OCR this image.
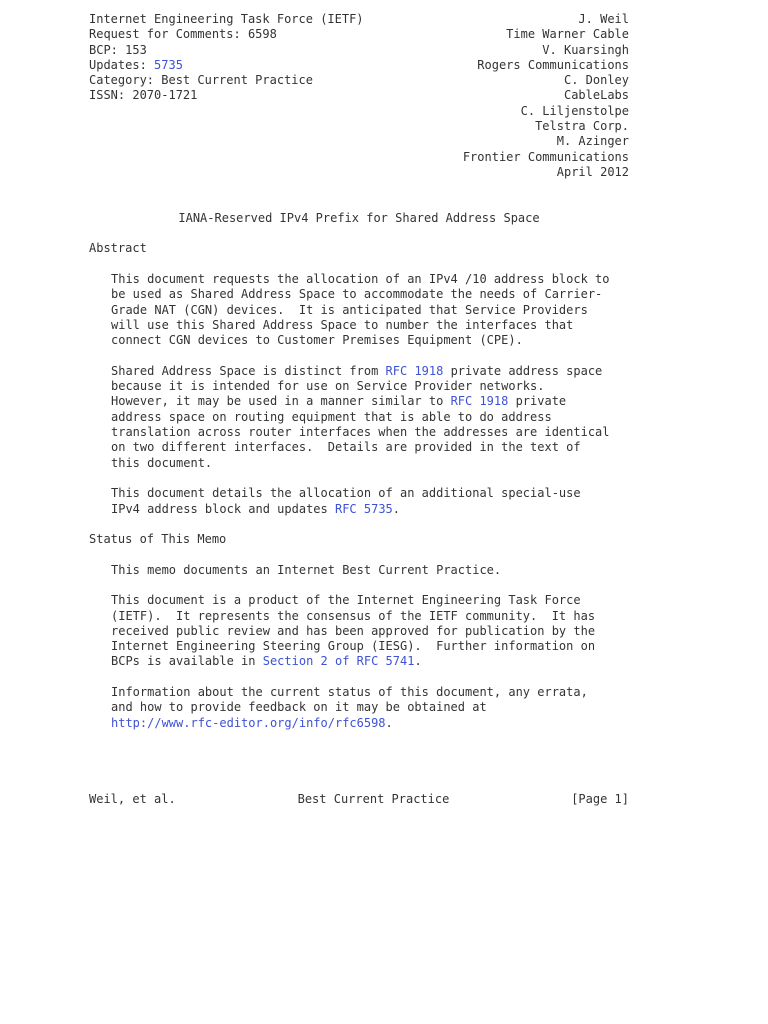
Internet Engineering Task Force (IETF)	J. Weil
Request for Comments: 6598	Time Warner Cable
BCP: 153	V. Kuarsingh
Updates: 5735	Rogers Communications
Category: Best Current Practice	C. Donley
ISSN: 2070-1721	CableLabs
C. Liljenstolpe
Telstra Corp.
M. Azinger
Frontier Communications
April 2012
IANA-Reserved IPv4 Prefix for Shared Address Space
Abstract
This document requests the allocation of an IPv4 /10 address block to
be used as Shared Address Space to accommodate the needs of Carrier-
Grade NAT (CGN) devices.  It is anticipated that Service Providers
will use this Shared Address Space to number the interfaces that
connect CGN devices to Customer Premises Equipment (CPE).
Shared Address Space is distinct from RFC 1918 private address space
because it is intended for use on Service Provider networks.
However, it may be used in a manner similar to RFC 1918 private
address space on routing equipment that is able to do address
translation across router interfaces when the addresses are identical
on two different interfaces.  Details are provided in the text of
this document.
This document details the allocation of an additional special-use
IPv4 address block and updates RFC 5735.
Status of This Memo
This memo documents an Internet Best Current Practice.
This document is a product of the Internet Engineering Task Force
(IETF).  It represents the consensus of the IETF community.  It has
received public review and has been approved for publication by the
Internet Engineering Steering Group (IESG).  Further information on
BCPs is available in Section 2 of RFC 5741.
Information about the current status of this document, any errata,
and how to provide feedback on it may be obtained at
http://www.rfc-editor.org/info/rfc6598.
Weil, et al.	Best Current Practice	[Page 1]
